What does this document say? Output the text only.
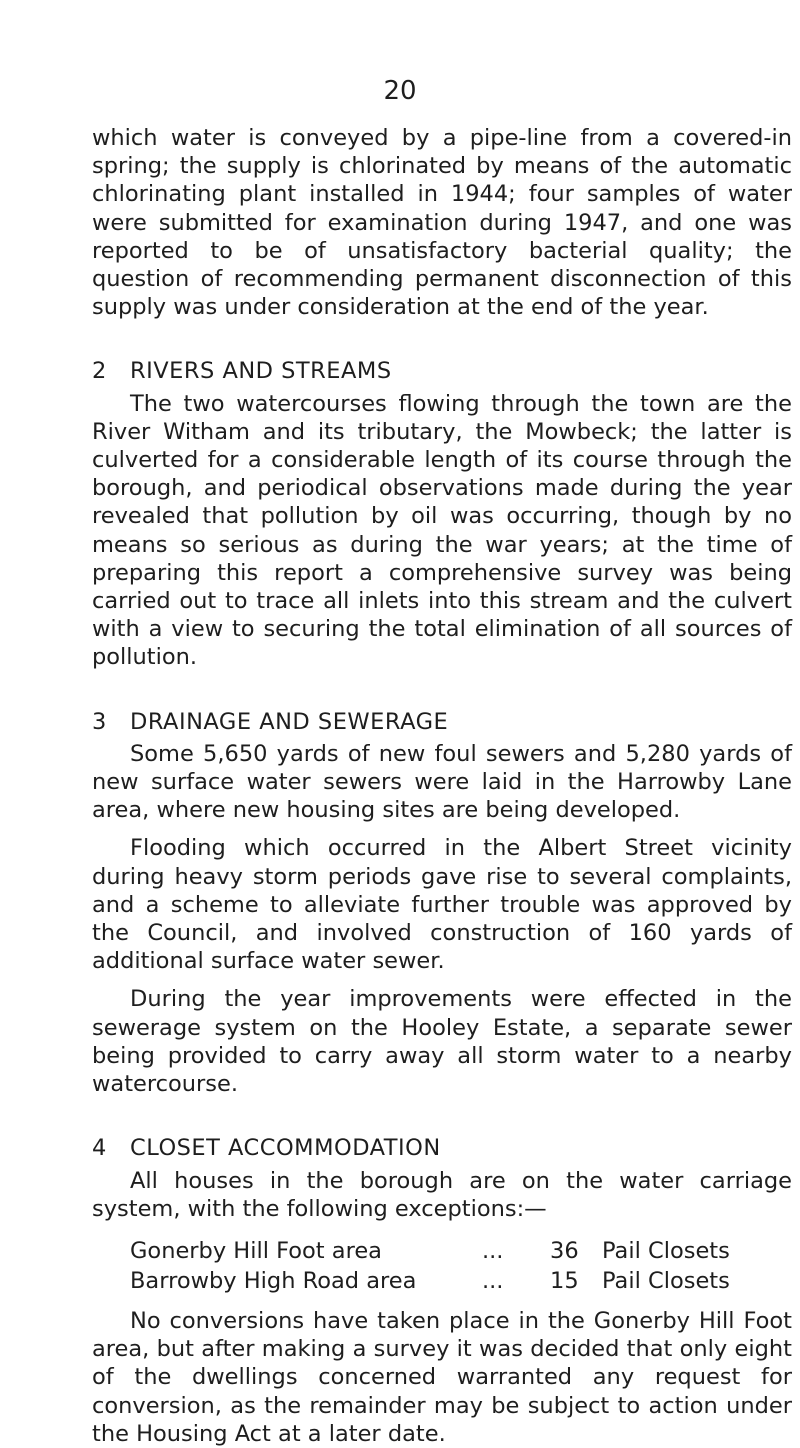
20

which water is conveyed by a pipe-line from a covered-in spring; the supply is chlorinated by means of the automatic chlorinating plant installed in 1944; four samples of water were submitted for examination during 1947, and one was reported to be of unsatisfactory bacterial quality; the question of recommending permanent disconnection of this supply was under consideration at the end of the year.

2 RIVERS AND STREAMS

The two watercourses flowing through the town are the River Witham and its tributary, the Mowbeck; the latter is culverted for a considerable length of its course through the borough, and periodical observations made during the year revealed that pollution by oil was occurring, though by no means so serious as during the war years; at the time of preparing this report a comprehensive survey was being carried out to trace all inlets into this stream and the culvert with a view to securing the total elimination of all sources of pollution.

3 DRAINAGE AND SEWERAGE

Some 5,650 yards of new foul sewers and 5,280 yards of new surface water sewers were laid in the Harrowby Lane area, where new housing sites are being developed.

Flooding which occurred in the Albert Street vicinity during heavy storm periods gave rise to several complaints, and a scheme to alleviate further trouble was approved by the Council, and involved construction of 160 yards of additional surface water sewer.

During the year improvements were effected in the sewerage system on the Hooley Estate, a separate sewer being provided to carry away all storm water to a nearby watercourse.

4 CLOSET ACCOMMODATION

All houses in the borough are on the water carriage system, with the following exceptions:—

Gonerby Hill Foot area	...	36	Pail Closets
Barrowby High Road area	...	15	Pail Closets

No conversions have taken place in the Gonerby Hill Foot area, but after making a survey it was decided that only eight of the dwellings concerned warranted any request for conversion, as the remainder may be subject to action under the Housing Act at a later date.
